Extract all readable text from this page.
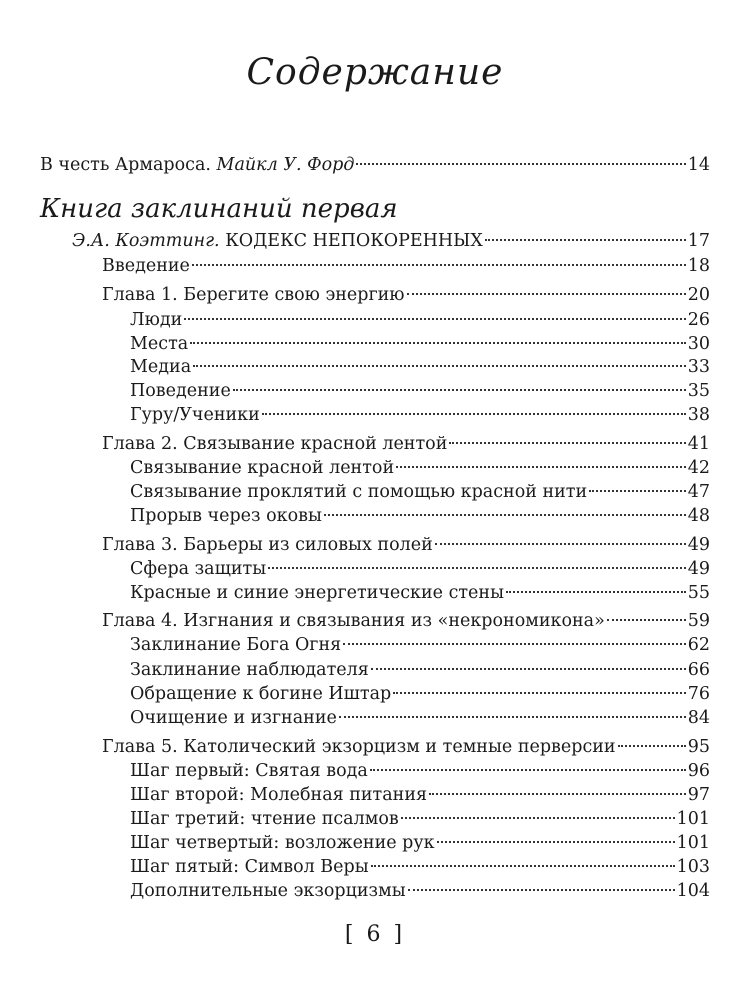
Содержание
В честь Армароса. Майкл У. Форд	14
Книга заклинаний первая
Э.А. Коэттинг. КОДЕКС НЕПОКОРЕННЫХ	17
Введение	18
Глава 1. Берегите свою энергию	20
Люди	26
Места	30
Медиа	33
Поведение	35
Гуру/Ученики	38
Глава 2. Связывание красной лентой	41
Связывание красной лентой	42
Связывание проклятий с помощью красной нити	47
Прорыв через оковы	48
Глава 3. Барьеры из силовых полей	49
Сфера защиты	49
Красные и синие энергетические стены	55
Глава 4. Изгнания и связывания из «некрономикона»	59
Заклинание Бога Огня	62
Заклинание наблюдателя	66
Обращение к богине Иштар	76
Очищение и изгнание	84
Глава 5. Католический экзорцизм и темные перверсии	95
Шаг первый: Святая вода	96
Шаг второй: Молебная питания	97
Шаг третий: чтение псалмов	101
Шаг четвертый: возложение рук	101
Шаг пятый: Символ Веры	103
Дополнительные экзорцизмы	104
[ 6 ]
